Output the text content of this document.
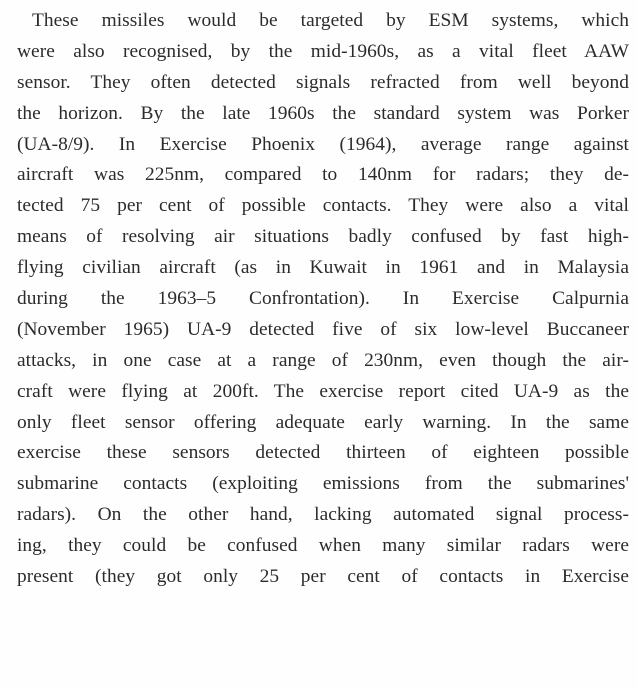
These missiles would be targeted by ESM systems, which
were also recognised, by the mid-1960s, as a vital fleet AAW
sensor. They often detected signals refracted from well beyond
the horizon. By the late 1960s the standard system was Porker
(UA-8/9). In Exercise Phoenix (1964), average range against
aircraft was 225nm, compared to 140nm for radars; they de-
tected 75 per cent of possible contacts. They were also a vital
means of resolving air situations badly confused by fast high-
flying civilian aircraft (as in Kuwait in 1961 and in Malaysia
during the 1963–5 Confrontation). In Exercise Calpurnia
(November 1965) UA-9 detected five of six low-level Buccaneer
attacks, in one case at a range of 230nm, even though the air-
craft were flying at 200ft. The exercise report cited UA-9 as the
only fleet sensor offering adequate early warning. In the same
exercise these sensors detected thirteen of eighteen possible
submarine contacts (exploiting emissions from the submarines'
radars). On the other hand, lacking automated signal process-
ing, they could be confused when many similar radars were
present (they got only 25 per cent of contacts in Exercise
